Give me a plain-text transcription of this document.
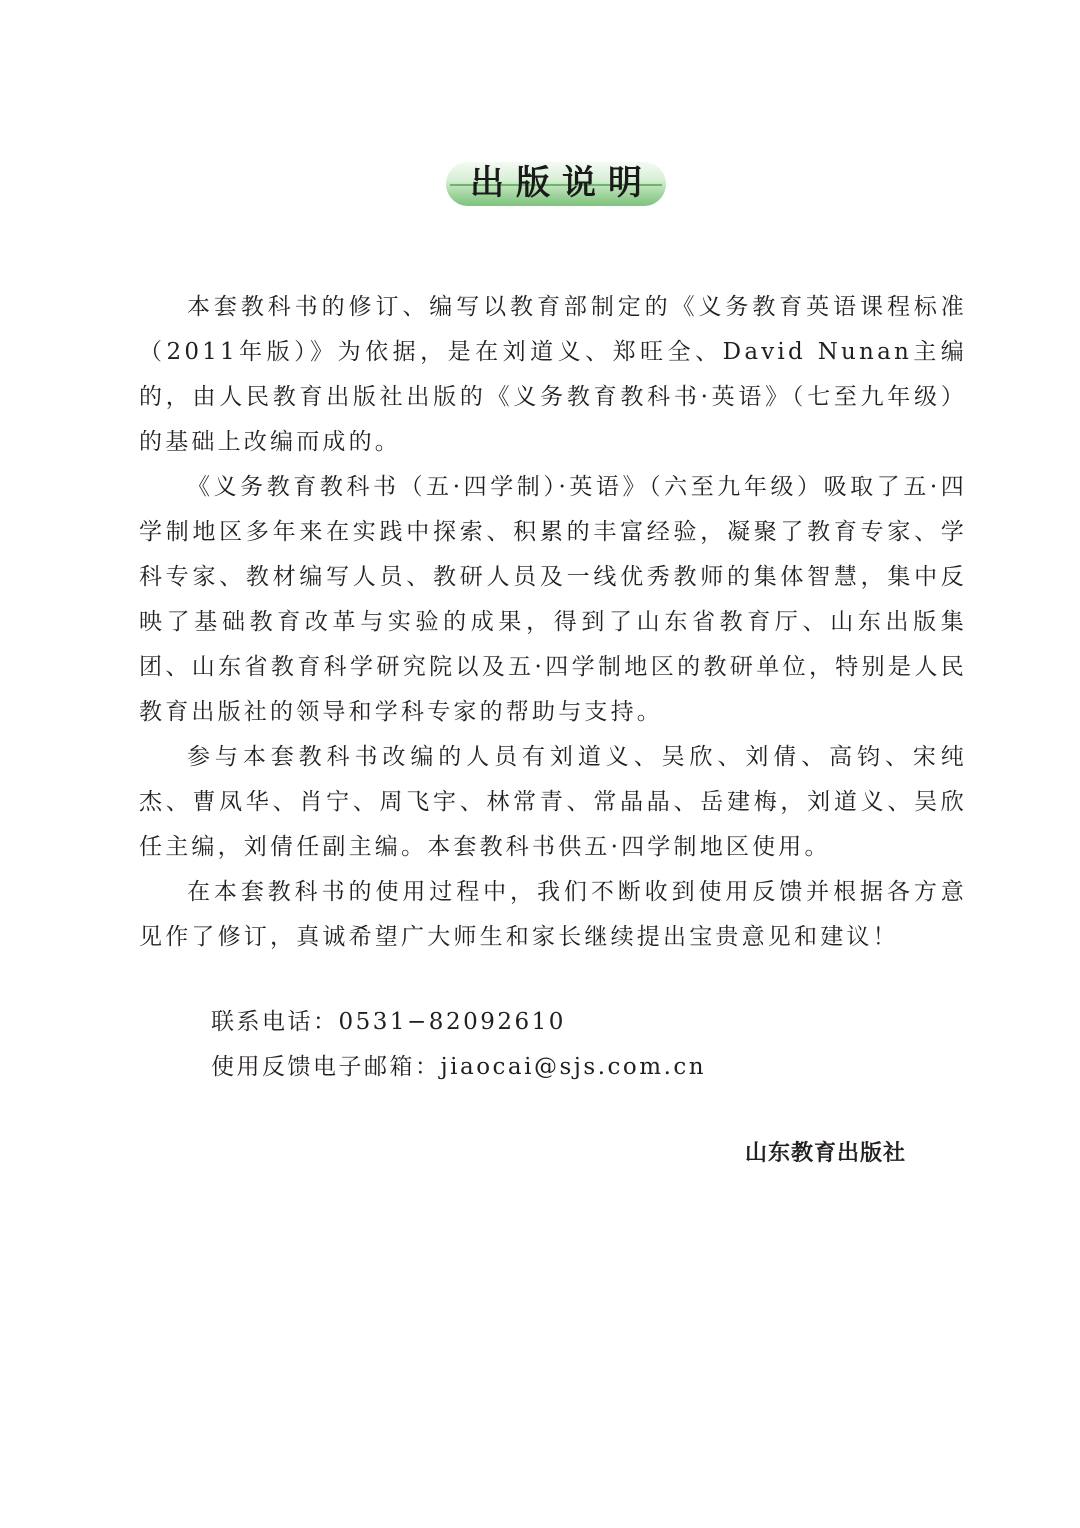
出版说明

本套教科书的修订、编写以教育部制定的《义务教育英语课程标准（2011年版）》为依据，是在刘道义、郑旺全、David Nunan主编的，由人民教育出版社出版的《义务教育教科书·英语》（七至九年级）的基础上改编而成的。

《义务教育教科书（五·四学制）·英语》（六至九年级）吸取了五·四学制地区多年来在实践中探索、积累的丰富经验，凝聚了教育专家、学科专家、教材编写人员、教研人员及一线优秀教师的集体智慧，集中反映了基础教育改革与实验的成果，得到了山东省教育厅、山东出版集团、山东省教育科学研究院以及五·四学制地区的教研单位，特别是人民教育出版社的领导和学科专家的帮助与支持。

参与本套教科书改编的人员有刘道义、吴欣、刘倩、高钧、宋纯杰、曹凤华、肖宁、周飞宇、林常青、常晶晶、岳建梅，刘道义、吴欣任主编，刘倩任副主编。本套教科书供五·四学制地区使用。

在本套教科书的使用过程中，我们不断收到使用反馈并根据各方意见作了修订，真诚希望广大师生和家长继续提出宝贵意见和建议！

联系电话：0531−82092610
使用反馈电子邮箱：jiaocai@sjs.com.cn
山东教育出版社
